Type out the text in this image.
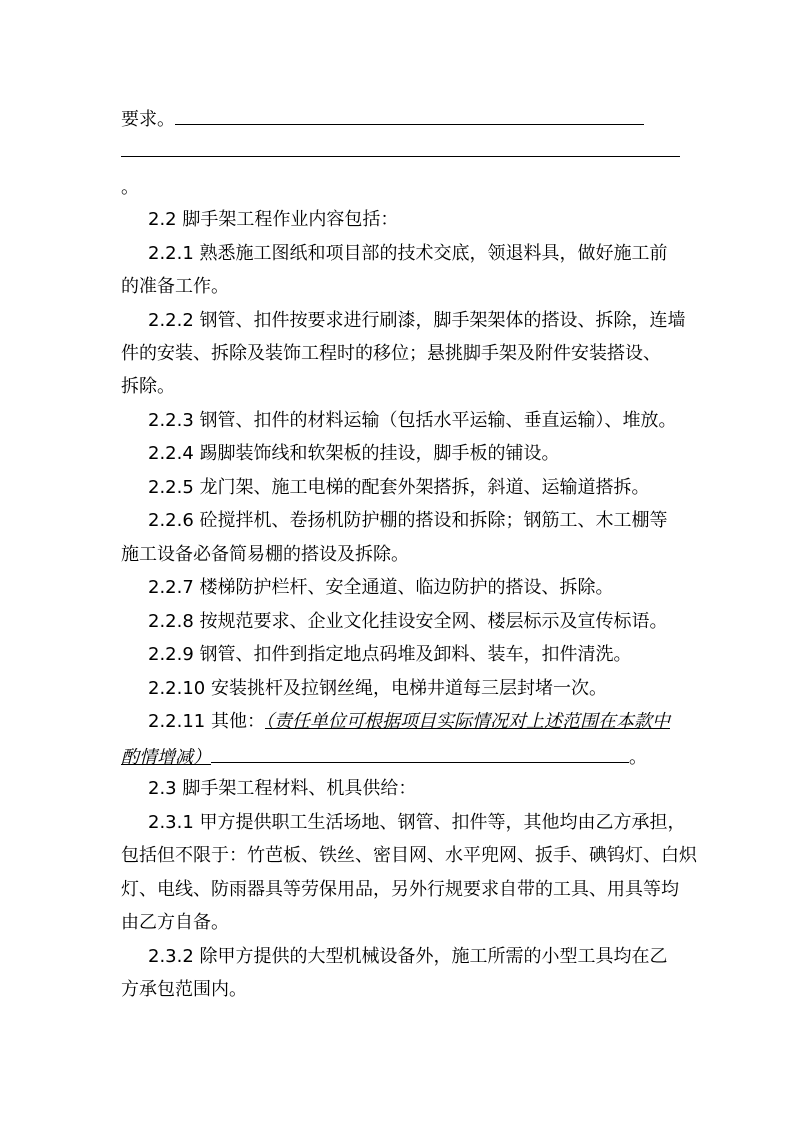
要求。
。
2.2 脚手架工程作业内容包括：
2.2.1 熟悉施工图纸和项目部的技术交底，领退料具，做好施工前
的准备工作。
2.2.2 钢管、扣件按要求进行刷漆，脚手架架体的搭设、拆除，连墙
件的安装、拆除及装饰工程时的移位；悬挑脚手架及附件安装搭设、
拆除。
2.2.3 钢管、扣件的材料运输（包括水平运输、垂直运输）、堆放。
2.2.4 踢脚装饰线和软架板的挂设，脚手板的铺设。
2.2.5 龙门架、施工电梯的配套外架搭拆，斜道、运输道搭拆。
2.2.6 砼搅拌机、卷扬机防护棚的搭设和拆除；钢筋工、木工棚等
施工设备必备简易棚的搭设及拆除。
2.2.7 楼梯防护栏杆、安全通道、临边防护的搭设、拆除。
2.2.8 按规范要求、企业文化挂设安全网、楼层标示及宣传标语。
2.2.9 钢管、扣件到指定地点码堆及卸料、装车，扣件清洗。
2.2.10 安装挑杆及拉钢丝绳，电梯井道每三层封堵一次。
2.2.11 其他：（责任单位可根据项目实际情况对上述范围在本款中
酌情增减）	。
2.3 脚手架工程材料、机具供给：
2.3.1 甲方提供职工生活场地、钢管、扣件等，其他均由乙方承担，
包括但不限于：竹芭板、铁丝、密目网、水平兜网、扳手、碘钨灯、白炽
灯、电线、防雨器具等劳保用品，另外行规要求自带的工具、用具等均
由乙方自备。
2.3.2 除甲方提供的大型机械设备外，施工所需的小型工具均在乙
方承包范围内。
